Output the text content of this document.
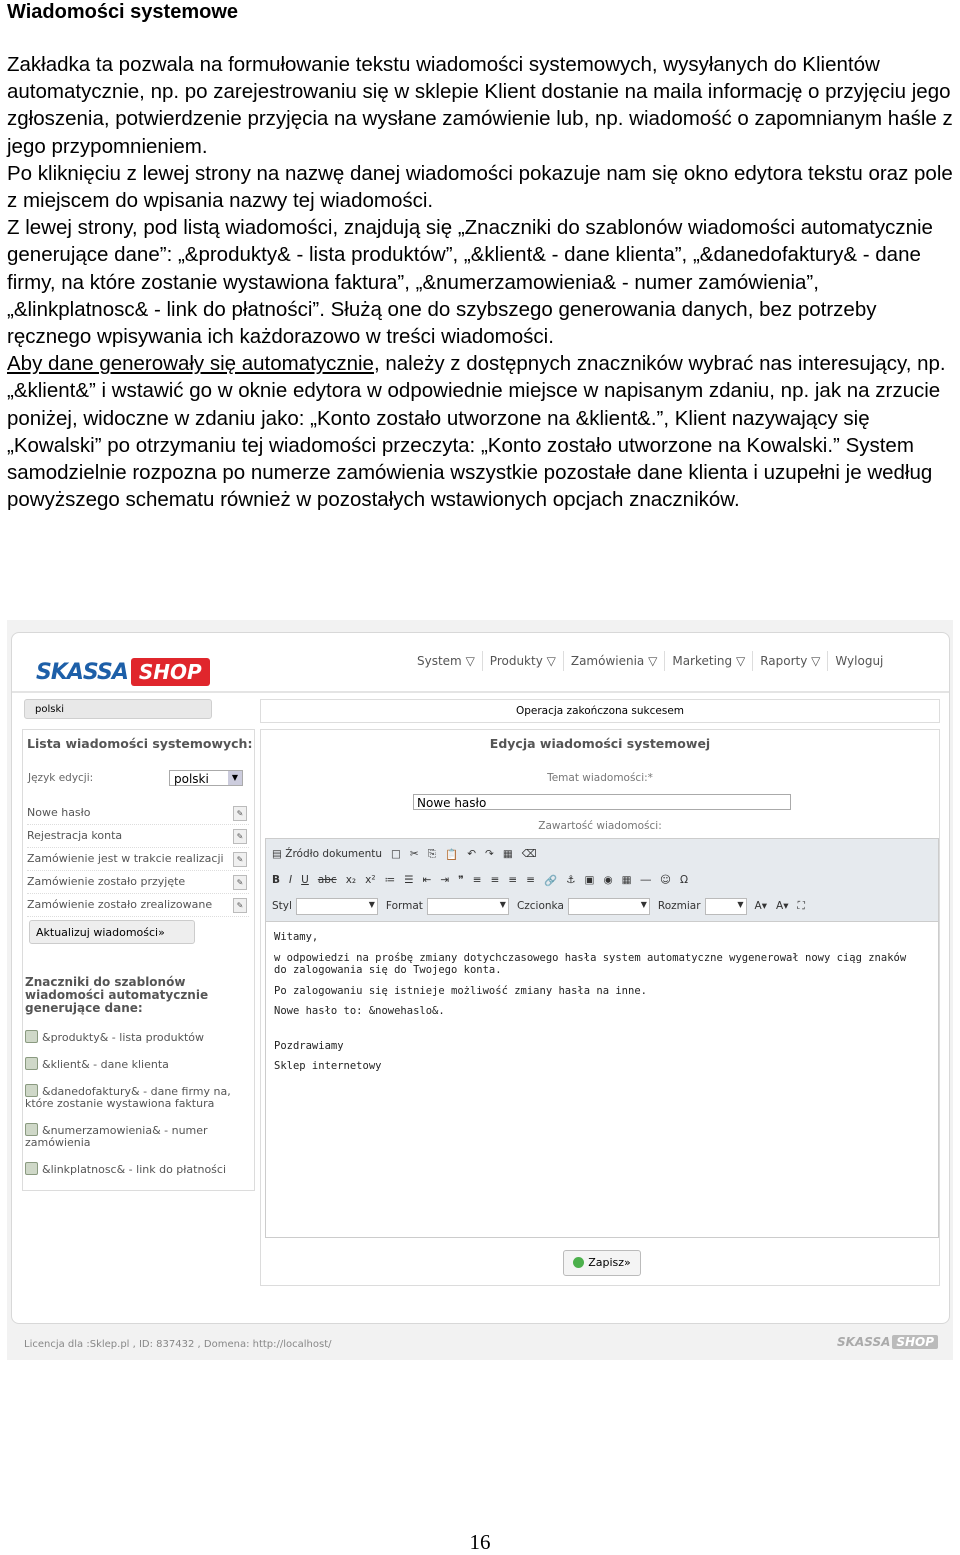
Wiadomości systemowe

Zakładka ta pozwala na formułowanie tekstu wiadomości systemowych, wysyłanych do Klientów automatycznie, np. po zarejestrowaniu się w sklepie Klient dostanie na maila informację o przyjęciu jego zgłoszenia, potwierdzenie przyjęcia na wysłane zamówienie lub, np. wiadomość o zapomnianym haśle z jego przypomnieniem.

Po kliknięciu z lewej strony na nazwę danej wiadomości pokazuje nam się okno edytora tekstu oraz pole z miejscem do wpisania nazwy tej wiadomości.

Z lewej strony, pod listą wiadomości, znajdują się „Znaczniki do szablonów wiadomości automatycznie generujące dane”: „&produkty& - lista produktów”, „&klient& - dane klienta”, „&danedofaktury& - dane firmy, na które zostanie wystawiona faktura”, „&numerzamowienia& - numer zamówienia”, „&linkplatnosc& - link do płatności”. Służą one do szybszego generowania danych, bez potrzeby ręcznego wpisywania ich każdorazowo w treści wiadomości.

Aby dane generowały się automatycznie, należy z dostępnych znaczników wybrać nas interesujący, np. „&klient&” i wstawić go w oknie edytora w odpowiednie miejsce w napisanym zdaniu, np. jak na zrzucie poniżej, widoczne w zdaniu jako: „Konto zostało utworzone na &klient&.”, Klient nazywający się „Kowalski” po otrzymaniu tej wiadomości przeczyta: „Konto zostało utworzone na Kowalski.” System samodzielnie rozpozna po numerze zamówienia wszystkie pozostałe dane klienta i uzupełni je według powyższego schematu również w pozostałych wstawionych opcjach znaczników.

SKASSA SHOP	System ▽	Produkty ▽	Zamówienia ▽	Marketing ▽	Raporty ▽	Wyloguj
polski
Lista wiadomości systemowych:
Język edycji:	polski	▼
Nowe hasło	✎
Rejestracja konta	✎
Zamówienie jest w trakcie realizacji	✎
Zamówienie zostało przyjęte	✎
Zamówienie zostało zrealizowane	✎
Aktualizuj wiadomości»
Znaczniki do szablonów wiadomości automatycznie generujące dane:
&produkty& - lista produktów
&klient& - dane klienta
&danedofaktury& - dane firmy na, które zostanie wystawiona faktura
&numerzamowienia& - numer zamówienia
&linkplatnosc& - link do płatności
Operacja zakończona sukcesem
Edycja wiadomości systemowej
Temat wiadomości:*
Nowe hasło
Zawartość wiadomości:
▤ Źródło dokumentu □ ✂ ⎘ 📋 ↶ ↷ ▦ ⌫
B I U abc x₂ x² ≔ ☰ ⇤ ⇥ ❞ ≡ ≡ ≡ ≡ 🔗 ⚓ ▣ ◉ ▦ ― ☺ Ω
Styl	▼ Format	▼ Czcionka	▼ Rozmiar	▼ A▾ A▾ ⛶

Witamy,

w odpowiedzi na prośbę zmiany dotychczasowego hasła system automatyczne wygenerował nowy ciąg znaków do zalogowania się do Twojego konta.

Po zalogowaniu się istnieje możliwość zmiany hasła na inne.

Nowe hasło to: &nowehaslo&.

Pozdrawiamy

Sklep internetowy

Zapisz»
Licencja dla :Sklep.pl , ID: 837432 , Domena: http://localhost/	SKASSA SHOP
16
